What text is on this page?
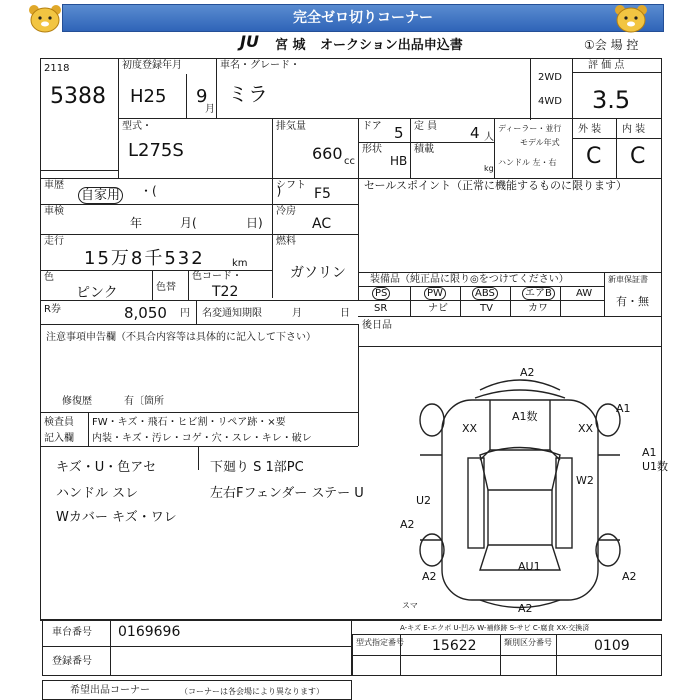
完全ゼロ切りコーナー
JU 宮 城 オークション出品申込書	①会 場 控
2118
5388
初度登録年月
H25 9
月
車名・グレード・
ミラ
2WD
4WD
評 価 点
3.5
型式・
L275S
排気量
660 cc
ドア 5 定 員 4 人
形状
HB
積載
kg
ディーラー・並行
モデル年式
ハンドル 左・右
外 装 内 装
C C
車歴
自家用 ・(　　　　　　　　　　)
シフト
F5
セールスポイント（正常に機能するものに限ります）
車検
年	月(	日)
冷房
AC
走行
15万8千532	km
燃料
ガソリン
色
ピンク	色替
色コード・
T22
R券	8,050 円 名変通知期限	月	日
装備品（純正品に限り◎をつけてください）	新車保証書
有・無
PS	PW	ABS	エアB	AW
SR	ナビ	TV	カワ
後日品
注意事項申告欄（不具合内容等は具体的に記入して下さい）
修復歴	有〔箇所
検査員 FW・キズ・飛石・ヒビ割・リペア跡・×要
記入欄 内装・キズ・汚レ・コゲ・穴・スレ・キレ・破レ
キズ・U・色アセ	下廻り S 1部PC
ハンドル スレ	左右Fフェンダー ステー U
Wカバー キズ・ワレ
A2
A1数
A1
XX	XX
A1
U1数
W2
U2
A2
AU1
A2	A2
A2
スマ
車台番号 0169696
登録番号
A-キズ E-エクボ U-凹み W-補修跡 S-サビ C-腐食 XX-交換済
型式指定番号 15622	類別区分番号	0109
希望出品コーナー	（コーナーは各会場により異なります）
